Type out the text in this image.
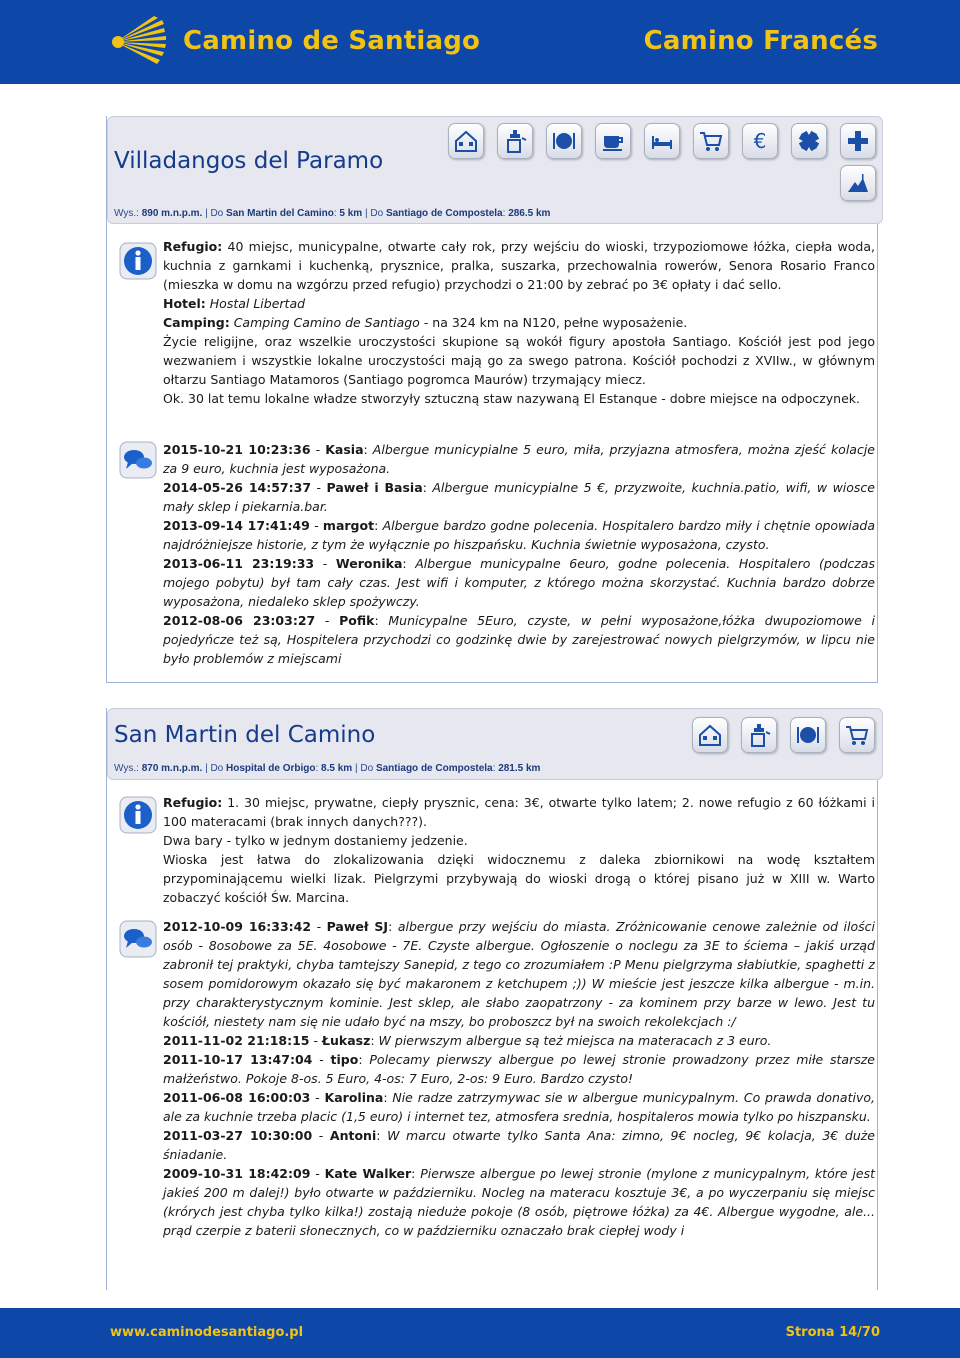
Camino de Santiago	Camino Francés
Villadangos del Paramo
Wys.: 890 m.n.p.m. | Do San Martin del Camino: 5 km | Do Santiago de Compostela: 286.5 km
€

Refugio: 40 miejsc, municypalne, otwarte cały rok, przy wejściu do wioski, trzypoziomowe łóżka, ciepła woda, kuchnia z garnkami i kuchenką, prysznice, pralka, suszarka, przechowalnia rowerów, Senora Rosario Franco (mieszka w domu na wzgórzu przed refugio) przychodzi o 21:00 by zebrać po 3€ opłaty i dać sello.

Hotel: Hostal Libertad

Camping: Camping Camino de Santiago - na 324 km na N120, pełne wyposażenie.

Życie religijne, oraz wszelkie uroczystości skupione są wokół figury apostoła Santiago. Kościół jest pod jego wezwaniem i wszystkie lokalne uroczystości mają go za swego patrona. Kościół pochodzi z XVIIw., w głównym ołtarzu Santiago Matamoros (Santiago pogromca Maurów) trzymający miecz.

Ok. 30 lat temu lokalne władze stworzyły sztuczną staw nazywaną El Estanque - dobre miejsce na odpoczynek.

2015-10-21 10:23:36 - Kasia: Albergue municypialne 5 euro, miła, przyjazna atmosfera, można zjeść kolacje za 9 euro, kuchnia jest wyposażona.

2014-05-26 14:57:37 - Paweł i Basia: Albergue municypialne 5 €, przyzwoite, kuchnia.patio, wifi, w wiosce mały sklep i piekarnia.bar.

2013-09-14 17:41:49 - margot: Albergue bardzo godne polecenia. Hospitalero bardzo miły i chętnie opowiada najdróżniejsze historie, z tym że wyłącznie po hiszpańsku. Kuchnia świetnie wyposażona, czysto.

2013-06-11 23:19:33 - Weronika: Albergue municypalne 6euro, godne polecenia. Hospitalero (podczas mojego pobytu) był tam cały czas. Jest wifi i komputer, z którego można skorzystać. Kuchnia bardzo dobrze wyposażona, niedaleko sklep spożywczy.

2012-08-06 23:03:27 - Pofik: Municypalne 5Euro, czyste, w pełni wyposażone,łóżka dwupoziomowe i pojedyńcze też są, Hospitelera przychodzi co godzinkę dwie by zarejestrować nowych pielgrzymów, w lipcu nie było problemów z miejscami

San Martin del Camino
Wys.: 870 m.n.p.m. | Do Hospital de Orbigo: 8.5 km | Do Santiago de Compostela: 281.5 km

Refugio: 1. 30 miejsc, prywatne, ciepły prysznic, cena: 3€, otwarte tylko latem; 2. nowe refugio z 60 łóżkami i 100 materacami (brak innych danych???).

Dwa bary - tylko w jednym dostaniemy jedzenie.

Wioska jest łatwa do zlokalizowania dzięki widocznemu z daleka zbiornikowi na wodę kształtem przypominającemu wielki lizak. Pielgrzymi przybywają do wioski drogą o której pisano już w XIII w. Warto zobaczyć kościół Św. Marcina.

2012-10-09 16:33:42 - Paweł SJ: albergue przy wejściu do miasta. Zróżnicowanie cenowe zależnie od ilości osób - 8osobowe za 5E. 4osobowe - 7E. Czyste albergue. Ogłoszenie o noclegu za 3E to ściema – jakiś urząd zabronił tej praktyki, chyba tamtejszy Sanepid, z tego co zrozumiałem :P Menu pielgrzyma słabiutkie, spaghetti z sosem pomidorowym okazało się być makaronem z ketchupem ;)) W mieście jest jeszcze kilka albergue - m.in. przy charakterystycznym kominie. Jest sklep, ale słabo zaopatrzony - za kominem przy barze w lewo. Jest tu kościół, niestety nam się nie udało być na mszy, bo proboszcz był na swoich rekolekcjach :/

2011-11-02 21:18:15 - Łukasz: W pierwszym albergue są też miejsca na materacach z 3 euro.

2011-10-17 13:47:04 - tipo: Polecamy pierwszy albergue po lewej stronie prowadzony przez miłe starsze małżeństwo. Pokoje 8-os. 5 Euro, 4-os: 7 Euro, 2-os: 9 Euro. Bardzo czysto!

2011-06-08 16:00:03 - Karolina: Nie radze zatrzymywac sie w albergue municypalnym. Co prawda donativo, ale za kuchnie trzeba placic (1,5 euro) i internet tez, atmosfera srednia, hospitaleros mowia tylko po hiszpansku.

2011-03-27 10:30:00 - Antoni: W marcu otwarte tylko Santa Ana: zimno, 9€ nocleg, 9€ kolacja, 3€ duże śniadanie.

2009-10-31 18:42:09 - Kate Walker: Pierwsze albergue po lewej stronie (mylone z municypalnym, które jest jakieś 200 m dalej!) było otwarte w październiku. Nocleg na materacu kosztuje 3€, a po wyczerpaniu się miejsc (krórych jest chyba tylko kilka!) zostają nieduże pokoje (8 osób, piętrowe łóżka) za 4€. Albergue wygodne, ale... prąd czerpie z baterii słonecznych, co w październiku oznaczało brak ciepłej wody i

www.caminodesantiago.pl	Strona 14/70
